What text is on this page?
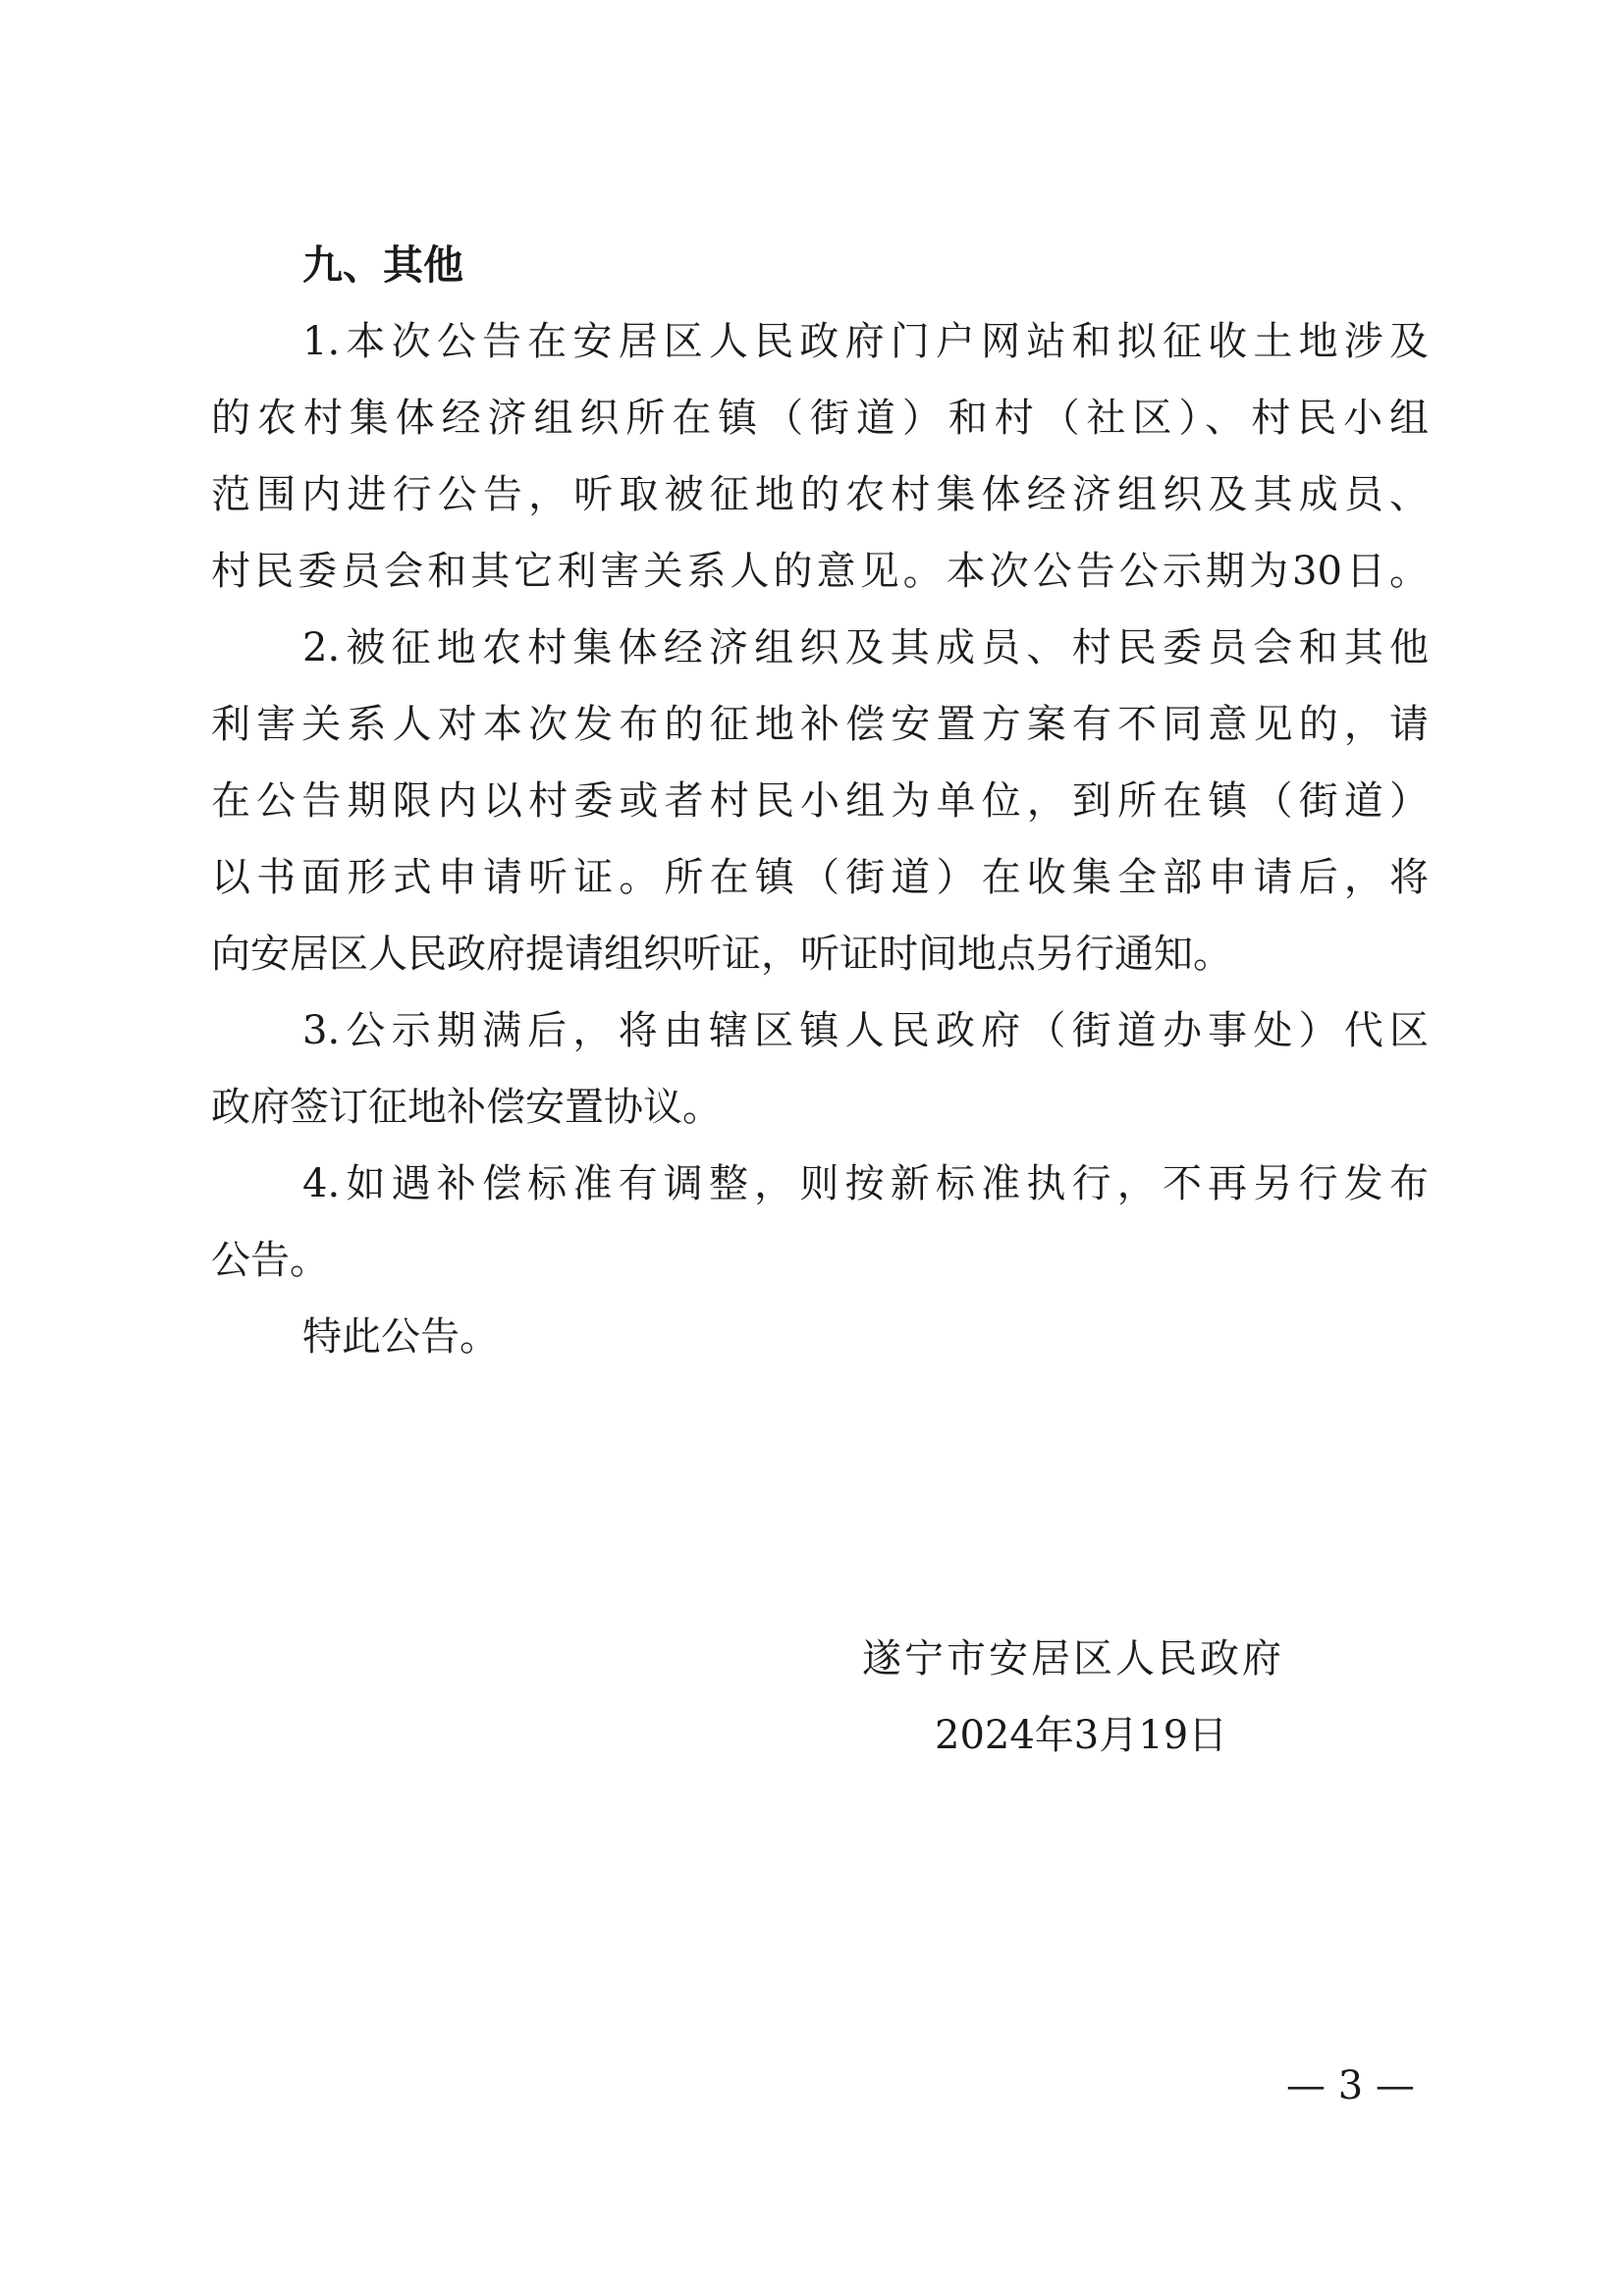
九、其他
1.本次公告在安居区人民政府门户网站和拟征收土地涉及
的农村集体经济组织所在镇（街道）和村（社区）、村民小组
范围内进行公告，听取被征地的农村集体经济组织及其成员、
村民委员会和其它利害关系人的意见。本次公告公示期为30日。
2.被征地农村集体经济组织及其成员、村民委员会和其他
利害关系人对本次发布的征地补偿安置方案有不同意见的，请
在公告期限内以村委或者村民小组为单位，到所在镇（街道）
以书面形式申请听证。所在镇（街道）在收集全部申请后，将
向安居区人民政府提请组织听证，听证时间地点另行通知。
3.公示期满后，将由辖区镇人民政府（街道办事处）代区
政府签订征地补偿安置协议。
4.如遇补偿标准有调整，则按新标准执行，不再另行发布
公告。
特此公告。
遂宁市安居区人民政府
2024年3月19日
— 3 —
